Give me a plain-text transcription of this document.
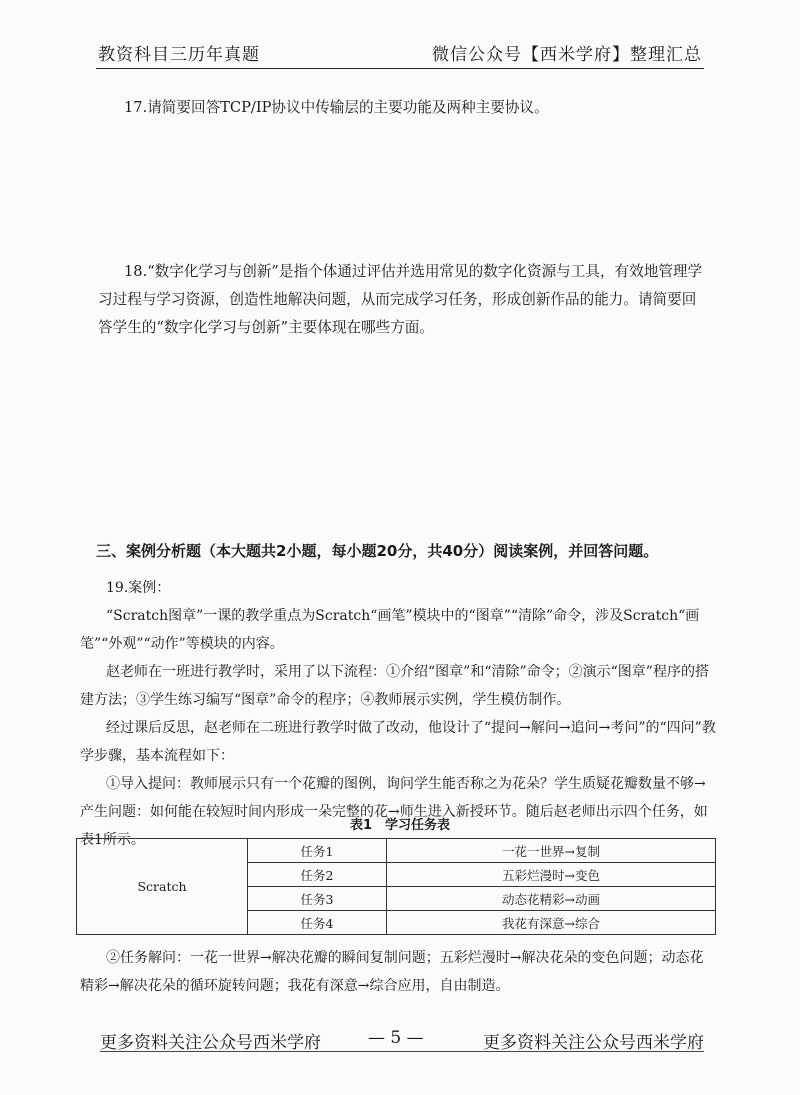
教资科目三历年真题	微信公众号【西米学府】整理汇总

17.请简要回答TCP/IP协议中传输层的主要功能及两种主要协议。

18.“数字化学习与创新”是指个体通过评估并选用常见的数字化资源与工具，有效地管理学习过程与学习资源，创造性地解决问题，从而完成学习任务，形成创新作品的能力。请简要回答学生的“数字化学习与创新”主要体现在哪些方面。

三、案例分析题（本大题共2小题，每小题20分，共40分）阅读案例，并回答问题。

19.案例：

“Scratch图章”一课的教学重点为Scratch“画笔”模块中的“图章”“清除”命令，涉及Scratch“画笔”“外观”“动作”等模块的内容。

赵老师在一班进行教学时，采用了以下流程：①介绍“图章”和“清除”命令；②演示“图章”程序的搭建方法；③学生练习编写“图章”命令的程序；④教师展示实例，学生模仿制作。

经过课后反思，赵老师在二班进行教学时做了改动，他设计了“提问→解问→追问→考问”的“四问”教学步骤，基本流程如下：

①导入提问：教师展示只有一个花瓣的图例，询问学生能否称之为花朵？学生质疑花瓣数量不够→产生问题：如何能在较短时间内形成一朵完整的花→师生进入新授环节。随后赵老师出示四个任务，如表1所示。

表1　学习任务表
Scratch	任务1	一花一世界→复制
	任务2	五彩烂漫时→变色
	任务3	动态花精彩→动画
	任务4	我花有深意→综合

②任务解问：一花一世界→解决花瓣的瞬间复制问题；五彩烂漫时→解决花朵的变色问题；动态花精彩→解决花朵的循环旋转问题；我花有深意→综合应用，自由制造。

更多资料关注公众号西米学府	— 5 —	更多资料关注公众号西米学府
